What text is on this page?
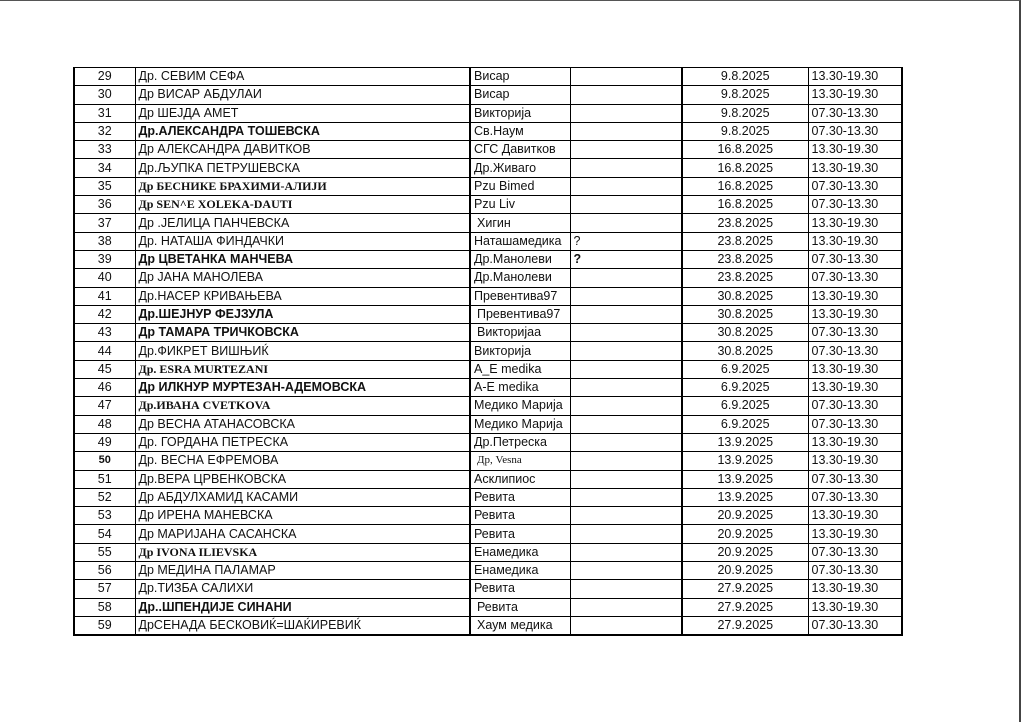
29	Др. СЕВИМ СЕФА	Висар		9.8.2025	13.30-19.30
30	Др ВИСАР АБДУЛАИ	Висар		9.8.2025	13.30-19.30
31	Др ШЕЈДА АМЕТ	Викторија		9.8.2025	07.30-13.30
32	Др.АЛЕКСАНДРА ТОШЕВСКА	Св.Наум		9.8.2025	07.30-13.30
33	Др АЛЕКСАНДРА ДАВИТКОВ	СГС Давитков		16.8.2025	13.30-19.30
34	Др.ЉУПКА ПЕТРУШЕВСКА	Др.Живаго		16.8.2025	13.30-19.30
35	Др БЕСНИКЕ БРАХИМИ-АЛИЈИ	Pzu Bimed		16.8.2025	07.30-13.30
36	Др SEN^E XOLEKA-DAUTI	Pzu Liv		16.8.2025	07.30-13.30
37	Др .ЈЕЛИЦА ПАНЧЕВСКА	Хигин		23.8.2025	13.30-19.30
38	Др. НАТАША ФИНДАЧКИ	Наташамедика	?	23.8.2025	13.30-19.30
39	Др ЦВЕТАНКА МАНЧЕВА	Др.Манолеви	?	23.8.2025	07.30-13.30
40	Др ЈАНА МАНОЛЕВА	Др.Манолеви		23.8.2025	07.30-13.30
41	Др.НАСЕР КРИВАЊЕВА	Превентива97		30.8.2025	13.30-19.30
42	Др.ШЕЈНУР ФЕЈЗУЛА	Превентива97		30.8.2025	13.30-19.30
43	Др ТАМАРА ТРИЧКОВСКА	Викторијаа		30.8.2025	07.30-13.30
44	Др.ФИКРЕТ ВИШЊИЌ	Викторија		30.8.2025	07.30-13.30
45	Др. ESRA MURTEZANI	A_E medika		6.9.2025	13.30-19.30
46	Др ИЛКНУР МУРТЕЗАН-АДЕМОВСКА	A-E medika		6.9.2025	13.30-19.30
47	Др.ИВАНА CVETKOVA	Медико Марија		6.9.2025	07.30-13.30
48	Др ВЕСНА АТАНАСОВСКА	Медико Марија		6.9.2025	07.30-13.30
49	Др. ГОРДАНА ПЕТРЕСКА	Др.Петреска		13.9.2025	13.30-19.30
50	Др. ВЕСНА ЕФРЕМОВА	Др, Vesna		13.9.2025	13.30-19.30
51	Др.ВЕРА ЦРВЕНКОВСКА	Асклипиос		13.9.2025	07.30-13.30
52	Др АБДУЛХАМИД КАСАМИ	Ревита		13.9.2025	07.30-13.30
53	Др ИРЕНА МАНЕВСКА	Ревита		20.9.2025	13.30-19.30
54	Др МАРИЈАНА САСАНСКА	Ревита		20.9.2025	13.30-19.30
55	Др IVONA ILIEVSKA	Енамедика		20.9.2025	07.30-13.30
56	Др МЕДИНА ПАЛАМАР	Енамедика		20.9.2025	07.30-13.30
57	Др.ТИЗБА САЛИХИ	Ревита		27.9.2025	13.30-19.30
58	Др..ШПЕНДИЈЕ СИНАНИ	Ревита		27.9.2025	13.30-19.30
59	ДрСЕНАДА БЕСКОВИЌ=ШАЌИРЕВИЌ	Хаум медика		27.9.2025	07.30-13.30
